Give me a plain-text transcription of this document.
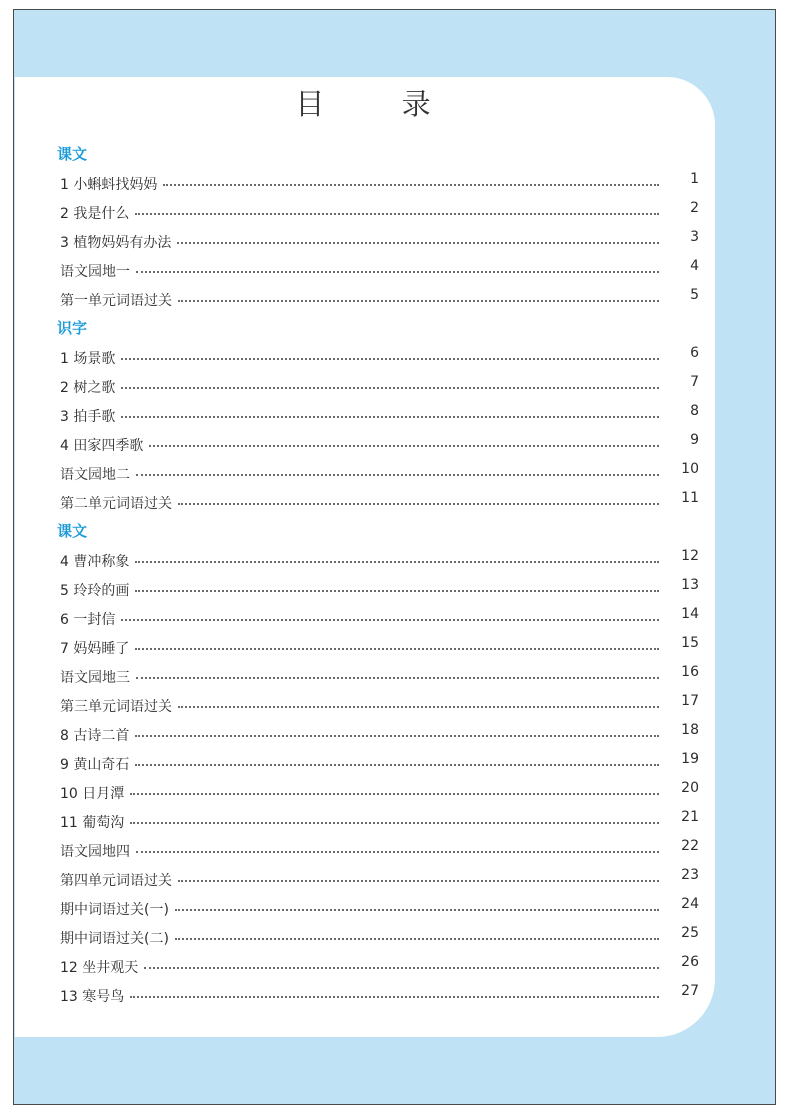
目 录
课文
1 小蝌蚪找妈妈	1
2 我是什么	2
3 植物妈妈有办法	3
语文园地一	4
第一单元词语过关	5
识字
1 场景歌	6
2 树之歌	7
3 拍手歌	8
4 田家四季歌	9
语文园地二	10
第二单元词语过关	11
课文
4 曹冲称象	12
5 玲玲的画	13
6 一封信	14
7 妈妈睡了	15
语文园地三	16
第三单元词语过关	17
8 古诗二首	18
9 黄山奇石	19
10 日月潭	20
11 葡萄沟	21
语文园地四	22
第四单元词语过关	23
期中词语过关(一)	24
期中词语过关(二)	25
12 坐井观天	26
13 寒号鸟	27
